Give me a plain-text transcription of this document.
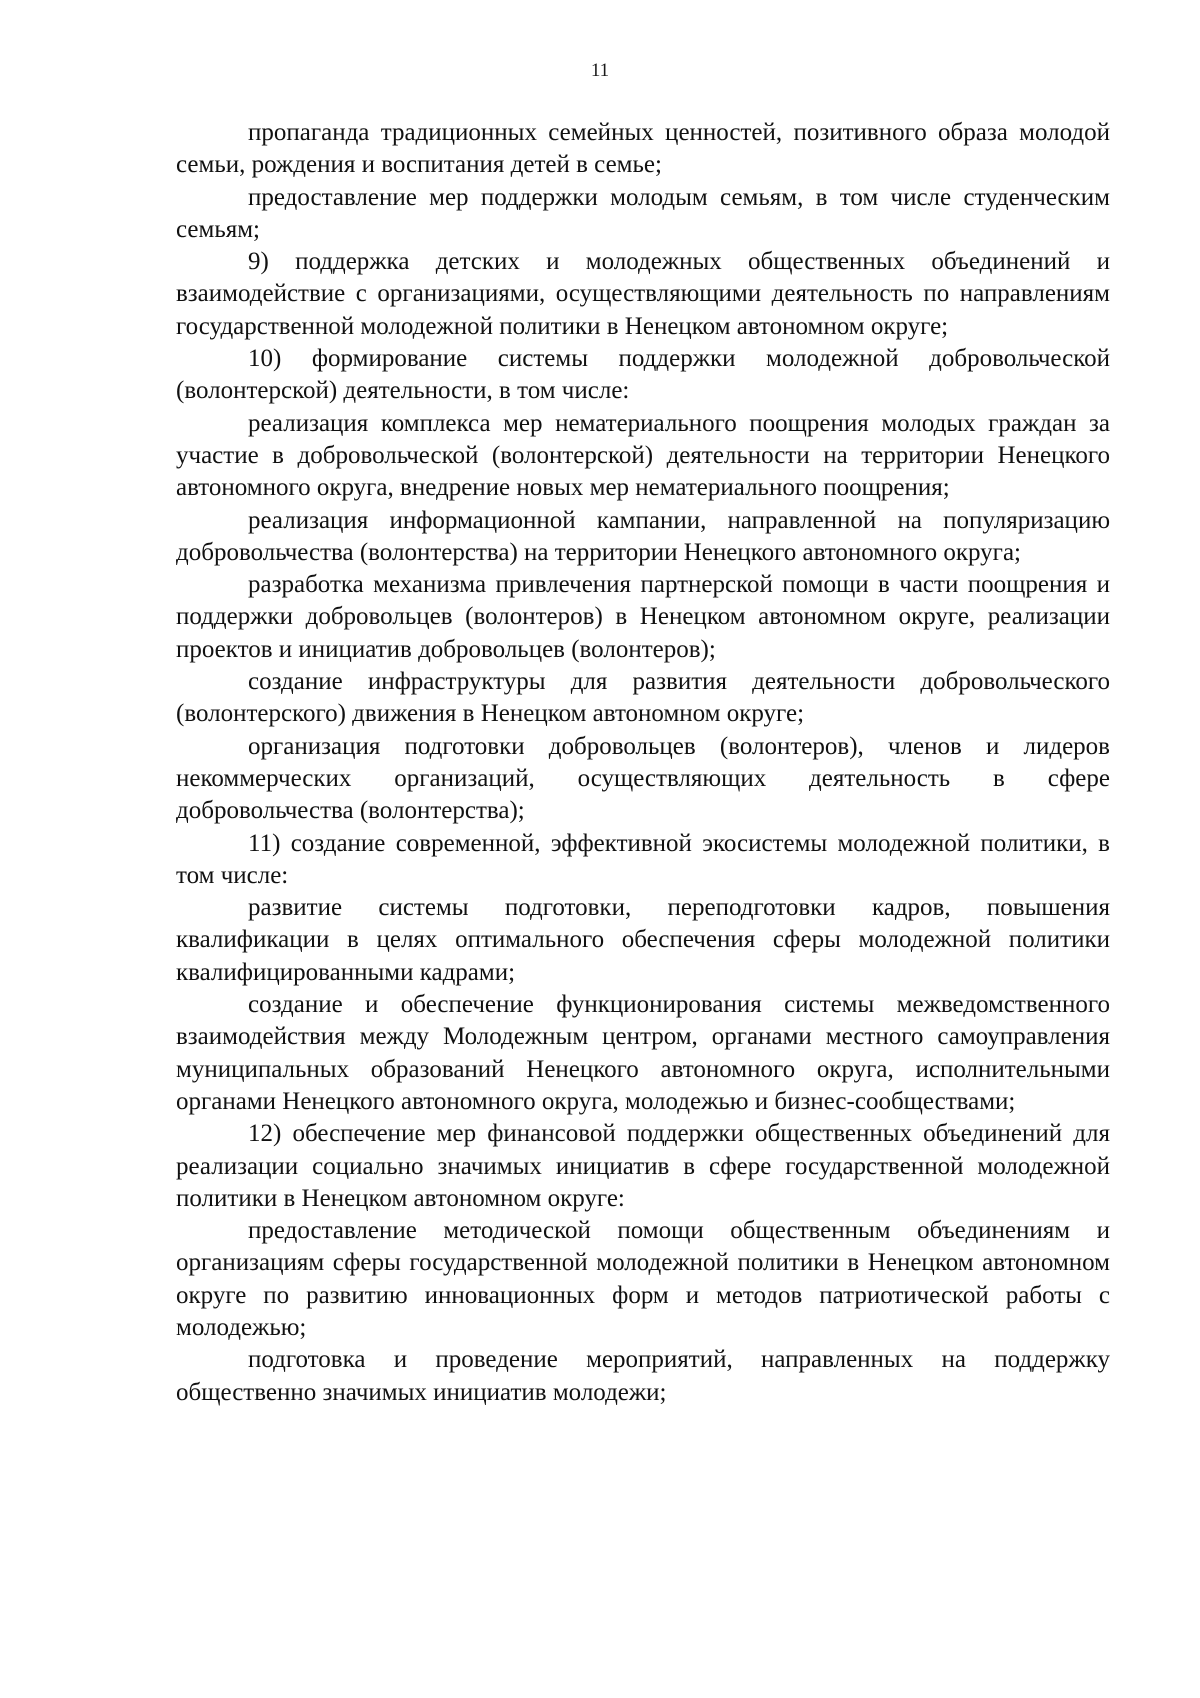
11

пропаганда традиционных семейных ценностей, позитивного образа молодой семьи, рождения и воспитания детей в семье;

предоставление мер поддержки молодым семьям, в том числе студенческим семьям;

9) поддержка детских и молодежных общественных объединений и взаимодействие с организациями, осуществляющими деятельность по направлениям государственной молодежной политики в Ненецком автономном округе;

10) формирование системы поддержки молодежной добровольческой (волонтерской) деятельности, в том числе:

реализация комплекса мер нематериального поощрения молодых граждан за участие в добровольческой (волонтерской) деятельности на территории Ненецкого автономного округа, внедрение новых мер нематериального поощрения;

реализация информационной кампании, направленной на популяризацию добровольчества (волонтерства) на территории Ненецкого автономного округа;

разработка механизма привлечения партнерской помощи в части поощрения и поддержки добровольцев (волонтеров) в Ненецком автономном округе, реализации проектов и инициатив добровольцев (волонтеров);

создание инфраструктуры для развития деятельности добровольческого (волонтерского) движения в Ненецком автономном округе;

организация подготовки добровольцев (волонтеров), членов и лидеров некоммерческих организаций, осуществляющих деятельность в сфере добровольчества (волонтерства);

11) создание современной, эффективной экосистемы молодежной политики, в том числе:

развитие системы подготовки, переподготовки кадров, повышения квалификации в целях оптимального обеспечения сферы молодежной политики квалифицированными кадрами;

создание и обеспечение функционирования системы межведомственного взаимодействия между Молодежным центром, органами местного самоуправления муниципальных образований Ненецкого автономного округа, исполнительными органами Ненецкого автономного округа, молодежью и бизнес-сообществами;

12) обеспечение мер финансовой поддержки общественных объединений для реализации социально значимых инициатив в сфере государственной молодежной политики в Ненецком автономном округе:

предоставление методической помощи общественным объединениям и организациям сферы государственной молодежной политики в Ненецком автономном округе по развитию инновационных форм и методов патриотической работы с молодежью;

подготовка и проведение мероприятий, направленных на поддержку общественно значимых инициатив молодежи;
